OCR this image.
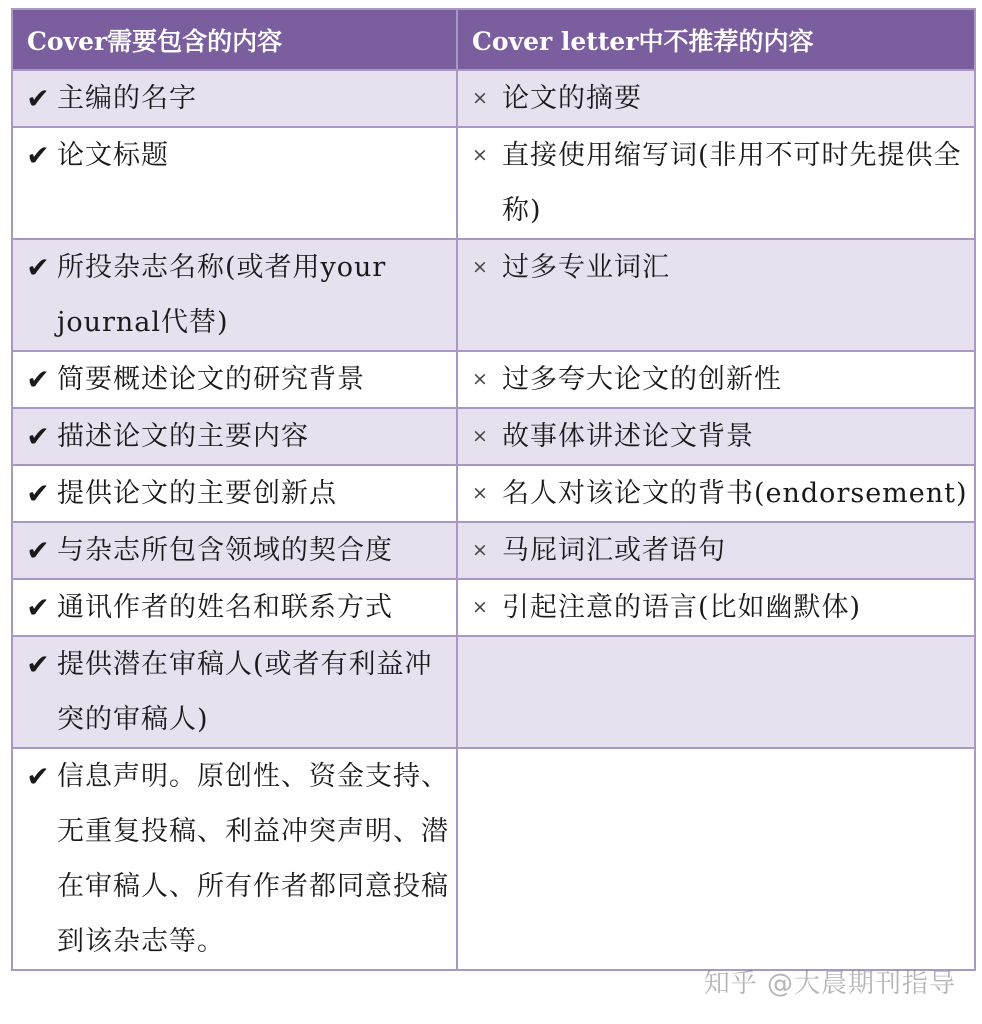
Cover需要包含的内容	Cover letter中不推荐的内容

✔ 主编的名字	× 论文的摘要

✔ 论文标题	× 直接使用缩写词(非用不可时先提供全称)

✔ 所投杂志名称(或者用your journal代替)	× 过多专业词汇

✔ 简要概述论文的研究背景	× 过多夸大论文的创新性

✔ 描述论文的主要内容	× 故事体讲述论文背景

✔ 提供论文的主要创新点	× 名人对该论文的背书(endorsement)

✔ 与杂志所包含领域的契合度	× 马屁词汇或者语句

✔ 通讯作者的姓名和联系方式	× 引起注意的语言(比如幽默体)

✔ 提供潜在审稿人(或者有利益冲突的审稿人)	

✔ 信息声明。原创性、资金支持、无重复投稿、利益冲突声明、潜在审稿人、所有作者都同意投稿到该杂志等。	

知乎 @大晨期刊指导
